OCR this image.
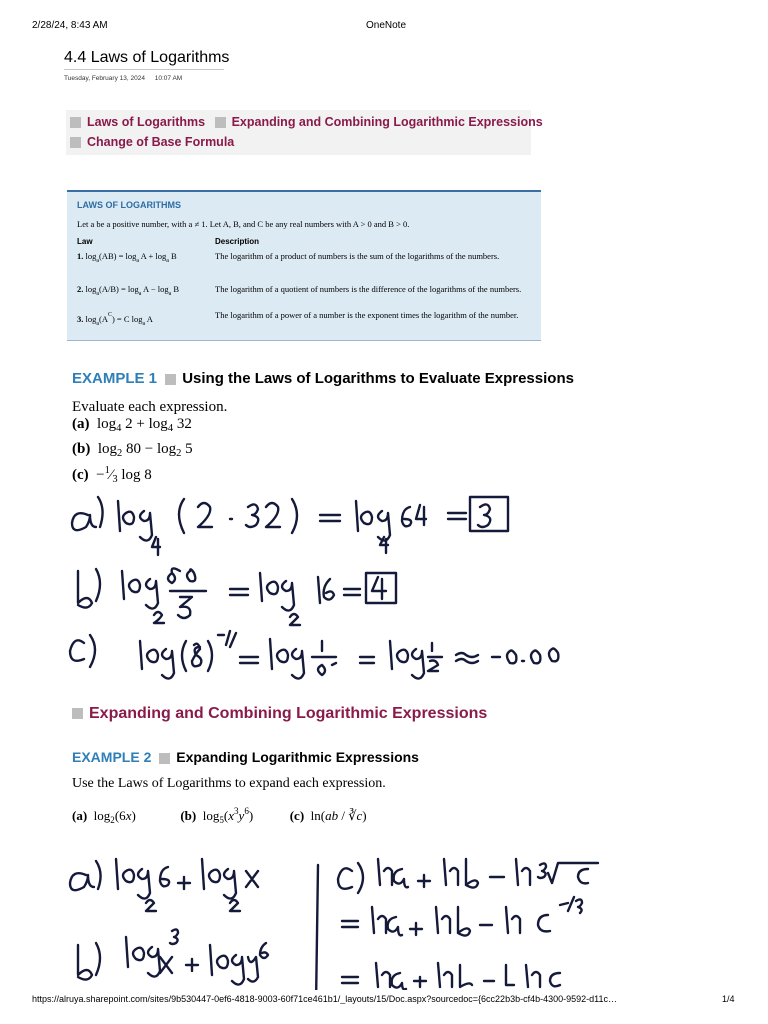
2/28/24, 8:43 AM	OneNote
4.4 Laws of Logarithms
Tuesday, February 13, 2024 10:07 AM
Laws of Logarithms Expanding and Combining Logarithmic Expressions
Change of Base Formula
LAWS OF LOGARITHMS
Let a be a positive number, with a ≠ 1. Let A, B, and C be any real numbers with A > 0 and B > 0.
Law	Description
1. $\log_a(AB) = \log_a A + \log_a B$	The logarithm of a product of numbers is the sum of the logarithms of the numbers.
2. $\log_a(A/B) = \log_a A - \log_a B$	The logarithm of a quotient of numbers is the difference of the logarithms of the numbers.
3. $\log_a(A^C) = C$ $\log_a A$	The logarithm of a power of a number is the exponent times the logarithm of the number.
EXAMPLE 1 Using the Laws of Logarithms to Evaluate Expressions
Evaluate each expression.
(a)  $\log_4 2 + \log_4 32$
(b)  $\log_2 80 - \log_2 5$
$(c) -^1⁄_3$ log 8
Expanding and Combining Logarithmic Expressions
EXAMPLE 2 Expanding Logarithmic Expressions
Use the Laws of Logarithms to expand each expression.
(a)  $\log_2(6x)$	(b)  $\log_5(x^3y^6)$	(c)  ln(ab / ∛c)
https://alruya.sharepoint.com/sites/9b530447-0ef6-4818-9003-60f71ce461b1/_layouts/15/Doc.aspx?sourcedoc={6cc22b3b-cf4b-4300-9592-d11c…	1/4
